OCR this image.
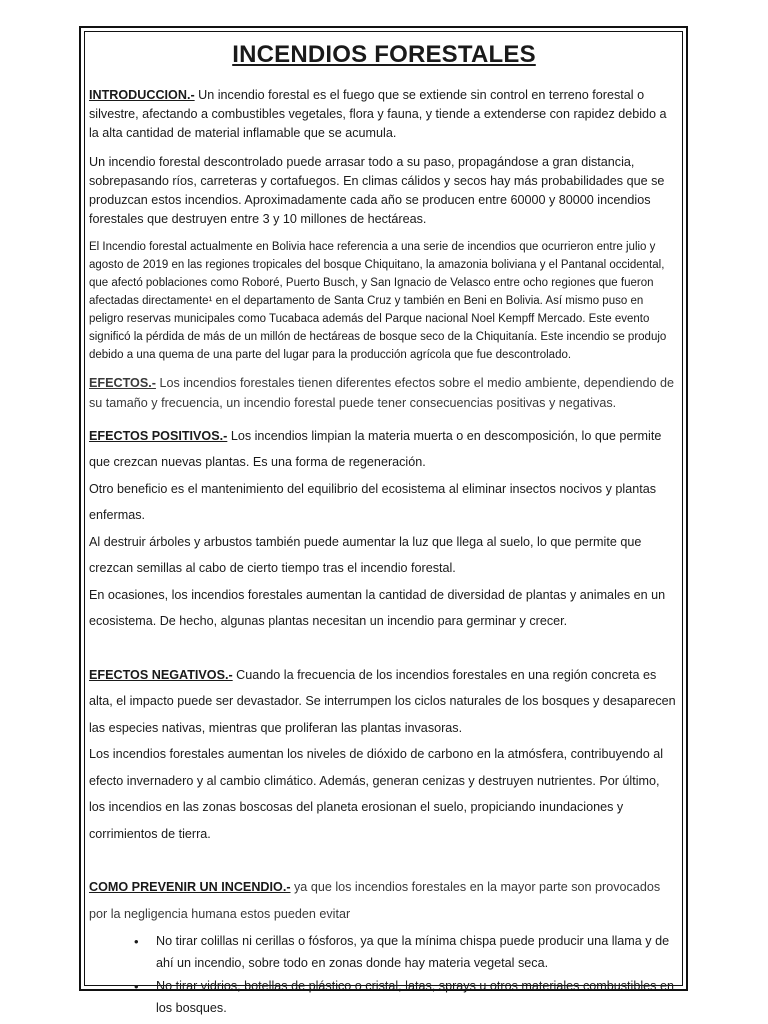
INCENDIOS FORESTALES

INTRODUCCION.- Un incendio forestal es el fuego que se extiende sin control en terreno forestal o silvestre, afectando a combustibles vegetales, flora y fauna, y tiende a extenderse con rapidez debido a la alta cantidad de material inflamable que se acumula.

Un incendio forestal descontrolado puede arrasar todo a su paso, propagándose a gran distancia, sobrepasando ríos, carreteras y cortafuegos. En climas cálidos y secos hay más probabilidades que se produzcan estos incendios. Aproximadamente cada año se producen entre 60000 y 80000 incendios forestales que destruyen entre 3 y 10 millones de hectáreas.

El Incendio forestal actualmente en Bolivia hace referencia a una serie de incendios que ocurrieron entre julio y agosto de 2019 en las regiones tropicales del bosque Chiquitano, la amazonia boliviana y el Pantanal occidental, que afectó poblaciones como Roboré, Puerto Busch, y San Ignacio de Velasco entre ocho regiones que fueron afectadas directamente¹ en el departamento de Santa Cruz y también en Beni en Bolivia. Así mismo puso en peligro reservas municipales como Tucabaca además del Parque nacional Noel Kempff Mercado. Este evento significó la pérdida de más de un millón de hectáreas de bosque seco de la Chiquitanía. Este incendio se produjo debido a una quema de una parte del lugar para la producción agrícola que fue descontrolado.

EFECTOS.- Los incendios forestales tienen diferentes efectos sobre el medio ambiente, dependiendo de su tamaño y frecuencia, un incendio forestal puede tener consecuencias positivas y negativas.

EFECTOS POSITIVOS.- Los incendios limpian la materia muerta o en descomposición, lo que permite que crezcan nuevas plantas. Es una forma de regeneración.

Otro beneficio es el mantenimiento del equilibrio del ecosistema al eliminar insectos nocivos y plantas enfermas.

Al destruir árboles y arbustos también puede aumentar la luz que llega al suelo, lo que permite que crezcan semillas al cabo de cierto tiempo tras el incendio forestal.

En ocasiones, los incendios forestales aumentan la cantidad de diversidad de plantas y animales en un ecosistema. De hecho, algunas plantas necesitan un incendio para germinar y crecer.

EFECTOS NEGATIVOS.- Cuando la frecuencia de los incendios forestales en una región concreta es alta, el impacto puede ser devastador. Se interrumpen los ciclos naturales de los bosques y desaparecen las especies nativas, mientras que proliferan las plantas invasoras.

Los incendios forestales aumentan los niveles de dióxido de carbono en la atmósfera, contribuyendo al efecto invernadero y al cambio climático. Además, generan cenizas y destruyen nutrientes. Por último, los incendios en las zonas boscosas del planeta erosionan el suelo, propiciando inundaciones y corrimientos de tierra.

COMO PREVENIR UN INCENDIO.- ya que los incendios forestales en la mayor parte son provocados por la negligencia humana estos pueden evitar

• No tirar colillas ni cerillas o fósforos, ya que la mínima chispa puede producir una llama y de ahí un incendio, sobre todo en zonas donde hay materia vegetal seca.
• No tirar vidrios, botellas de plástico o cristal, latas, sprays u otros materiales combustibles en los bosques.
